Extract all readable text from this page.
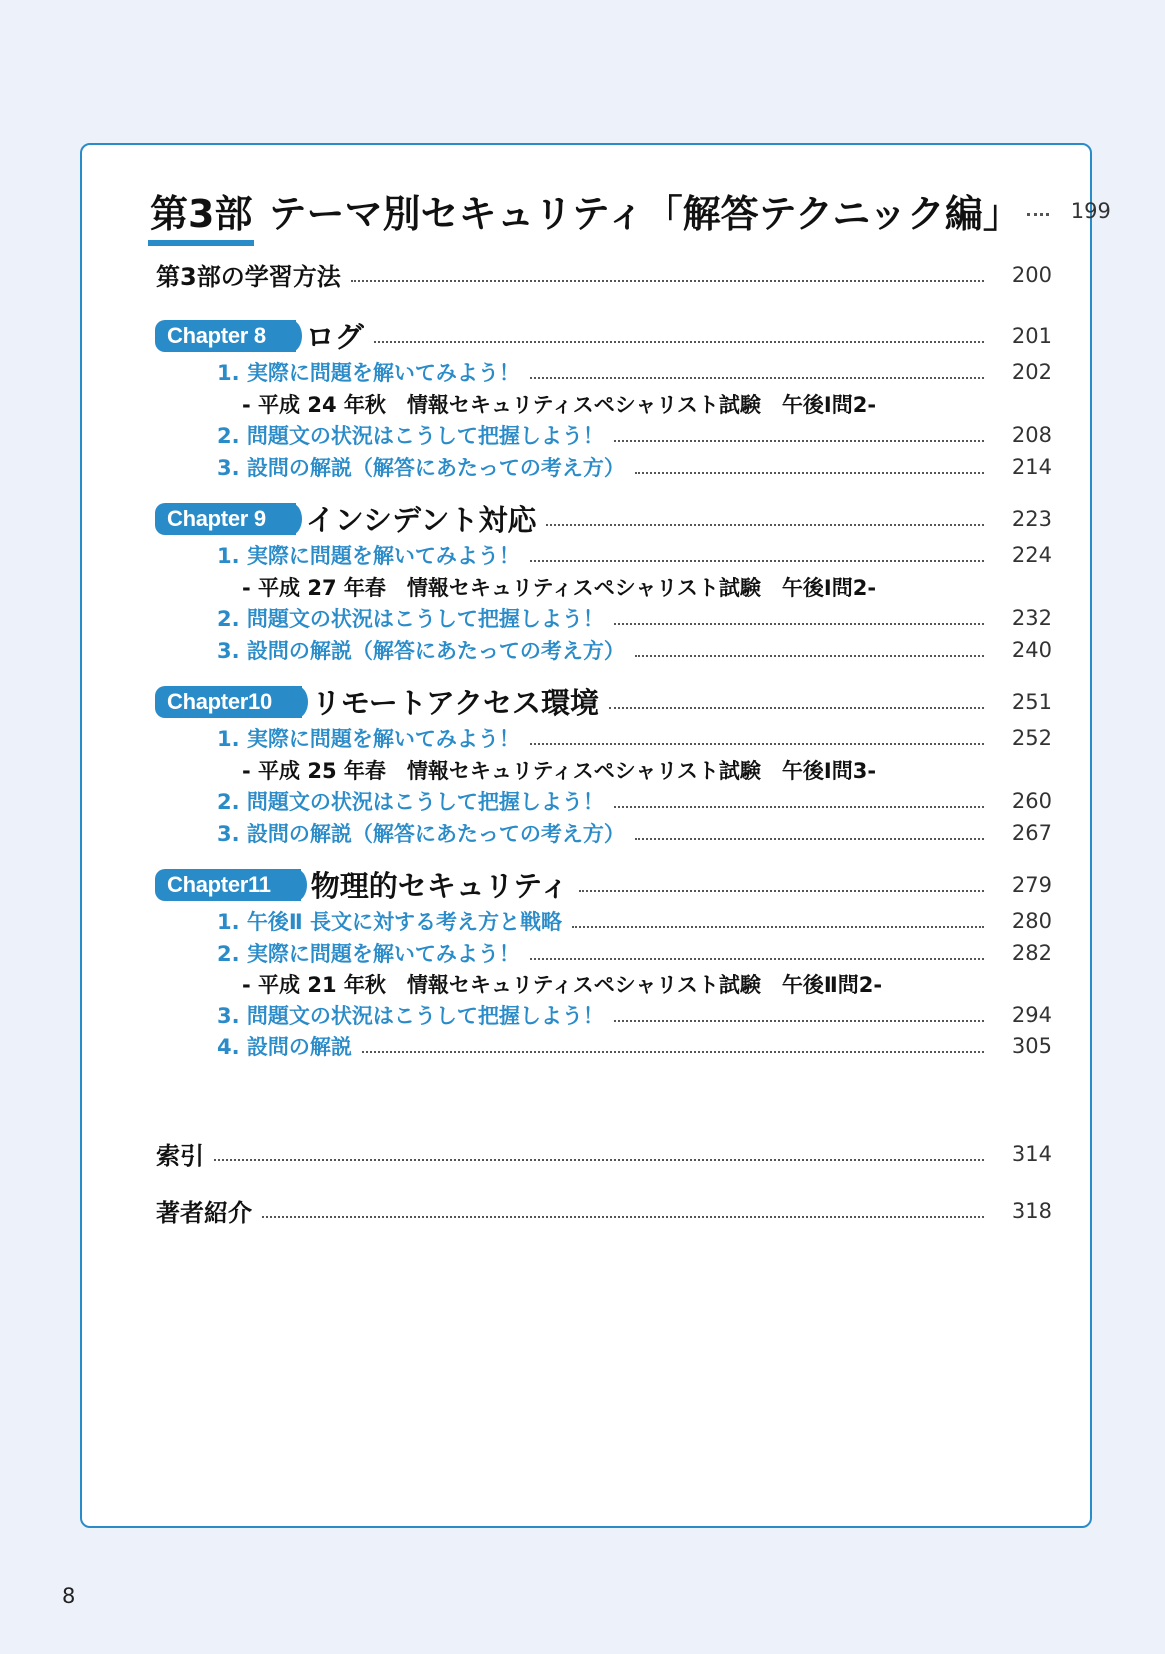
第3部 テーマ別セキュリティ「解答テクニック編」 199
第3部の学習方法	200
Chapter 8	ログ	201
1. 実際に問題を解いてみよう！	202
- 平成 24 年秋　情報セキュリティスペシャリスト試験　午後Ⅰ問2-
2. 問題文の状況はこうして把握しよう！	208
3. 設問の解説（解答にあたっての考え方）	214
Chapter 9	インシデント対応	223
1. 実際に問題を解いてみよう！	224
- 平成 27 年春　情報セキュリティスペシャリスト試験　午後Ⅰ問2-
2. 問題文の状況はこうして把握しよう！	232
3. 設問の解説（解答にあたっての考え方）	240
Chapter10	リモートアクセス環境	251
1. 実際に問題を解いてみよう！	252
- 平成 25 年春　情報セキュリティスペシャリスト試験　午後Ⅰ問3-
2. 問題文の状況はこうして把握しよう！	260
3. 設問の解説（解答にあたっての考え方）	267
Chapter11	物理的セキュリティ	279
1. 午後Ⅱ 長文に対する考え方と戦略	280
2. 実際に問題を解いてみよう！	282
- 平成 21 年秋　情報セキュリティスペシャリスト試験　午後Ⅱ問2-
3. 問題文の状況はこうして把握しよう！	294
4. 設問の解説	305
索引	314
著者紹介	318
8
